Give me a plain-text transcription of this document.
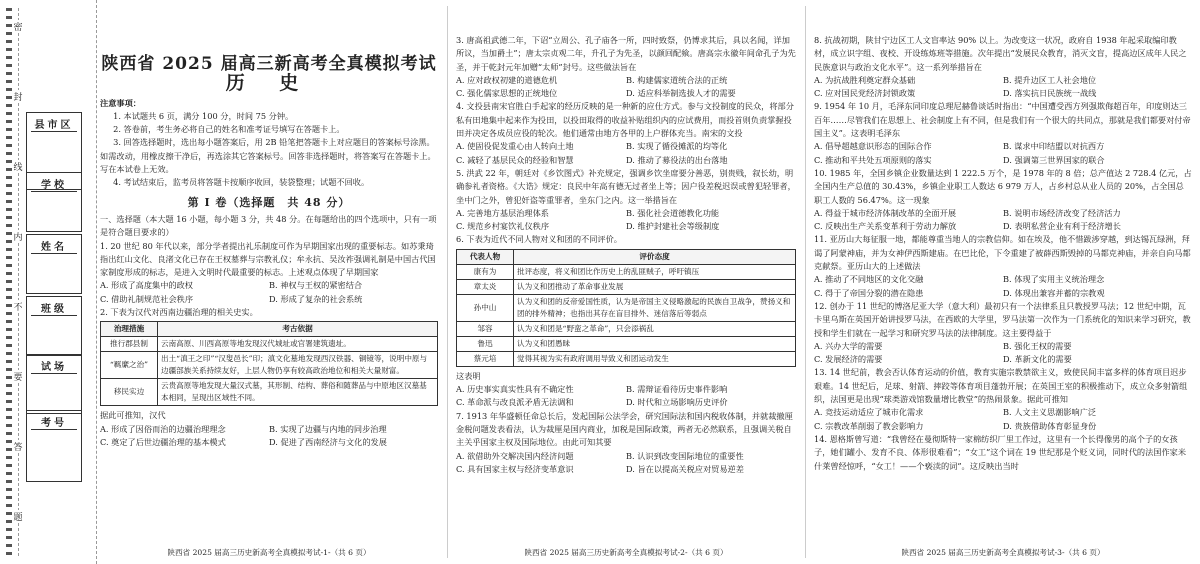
密
封
线
内
不
要
答
题
县市区
学校
姓名
班级
试场
考号
陕西省 2025 届高三新高考全真模拟考试
历 史

注意事项：

1. 本试题共 6 页，满分 100 分，时间 75 分钟。

2. 答卷前，考生务必将自己的姓名和准考证号填写在答题卡上。

3. 回答选择题时，选出每小题答案后，用 2B 铅笔把答题卡上对应题目的答案标号涂黑。如需改动，用橡皮擦干净后，再选涂其它答案标号。回答非选择题时，将答案写在答题卡上。写在本试卷上无效。

4. 考试结束后，监考员将答题卡按顺序收回，装袋整理；试题不回收。

第 Ⅰ 卷（选择题　共 48 分）

一、选择题（本大题 16 小题，每小题 3 分，共 48 分。在每题给出的四个选项中，只有一项是符合题目要求的）

1. 20 世纪 80 年代以来，部分学者提出礼乐制度可作为早期国家出现的重要标志。如苏秉琦指出红山文化、良渚文化已存在王权墓葬与宗教礼仪；牟永抗、吴汝祚强调礼制是中国古代国家制度形成的标志，是进入文明时代最重要的标志。上述观点体现了早期国家

A. 形成了高度集中的政权	B. 神权与王权的紧密结合
C. 借助礼制规范社会秩序	D. 形成了复杂的社会系统

2. 下表为汉代对西南边疆治理的相关史实。

治理措施	考古依据
推行郡县制	云南高原、川西高原等地发现汉代城址或官署建筑遗址。
“羁縻之治”	出土“滇王之印”“汉叟邑长”印；滇文化墓地发现西汉铁器、铜镜等，说明中原与边疆部族关系持续友好，上层人物仍享有较高政治地位和相关大量财富。
移民实边	云贵高原等地发现大量汉式墓，其形制、结构、葬俗和随葬品与中原地区汉墓基本相同，呈现出区域性不同。

据此可推知，汉代

A. 形成了因俗而治的边疆治理理念	B. 实现了边疆与内地的同步治理
C. 奠定了后世边疆治理的基本模式	D. 促进了西南经济与文化的发展
陕西省 2025 届高三历史新高考全真模拟考试-1-（共 6 页）

3. 唐高祖武德二年，下诏“立周公、孔子庙各一所，四时致祭，仍博求其后，具以名闻，详加所议，当加爵土”；唐太宗贞观二年，升孔子为先圣，以颜回配飨。唐高宗永徽年间命孔子为先圣，并于乾封元年加赠“太师”封号。这些做法旨在

A. 应对政权初建的道德危机	B. 构建儒家道统合法的正统
C. 强化儒家思想的正统地位	D. 适应科举制选拔人才的需要

4. 文投县南宋官胜白手起家的经历反映的是一种新的应仕方式。参与文投制度的民众，将部分私有田地集中起来作为投田，以投田取得的收益补贴组织内的应试费用，而投首则负责掌握投田并决定各成员应役的轮次。他们通常由地方各甲的上户群体充当。南宋的文投

A. 使固役促发重心由人转向土地	B. 实现了循役摊派的均等化
C. 减轻了基层民众的经验和智慧	D. 推动了募役法的出台落地

5. 洪武 22 年，朝廷对《乡饮图式》补充规定，强调乡饮坐席要分善恶，别贵贱，叙长幼，明确参礼者资格。《大诰》规定：良民中年高有德无过者坐上等；因户役差税迟误或曾犯轻罪者，坐中门之外，曾犯奸盗等重罪者，坐东门之内。这一举措旨在

A. 完善地方基层治理体系	B. 强化社会道德教化功能
C. 规范乡村宴饮礼仪秩序	D. 维护封建社会等级制度

6. 下表为近代不同人物对义和团的不同评价。

代表人物	评价态度
康有为	批评态度，将义和团比作历史上的乱匪贼子，呼吁镇压
章太炎	认为义和团推动了革命事业发展
孙中山	认为义和团的反帝爱国性质，认为是帝国主义侵略激起的民族自卫战争，赞扬义和团的排外精神；也指出其存在盲目排外、迷信落后等弱点
邹容	认为义和团是“野蛮之革命”，只会添祸乱
鲁迅	认为义和团愚昧
蔡元培	觉得其视为实有政府调用导致义和团运动发生

这表明

A. 历史事实真实性具有不确定性	B. 需辩证看待历史事件影响
C. 革命派与改良派矛盾无法调和	D. 时代和立场影响历史评价

7. 1913 年华盛顿任命总长后，发起国际公法学会，研究国际法和国内税收体制，并就裁撤厘金税问题发表看法，认为裁厘是国内商业，加税是国际政策，两者无必然联系，且强调关税自主关乎国家主权及国际地位。由此可知其要

A. 欲借助外交解决国内经济问题	B. 认识到改变国际地位的重要性
C. 具有国家主权与经济变革意识	D. 旨在以提高关税应对贸易逆差
陕西省 2025 届高三历史新高考全真模拟考试-2-（共 6 页）

8. 抗战初期，陕甘宁边区工人文盲率达 90% 以上。为改变这一状况，政府自 1938 年起采取编印教材，成立识字组、夜校、开设练炼班等措施。次年提出“发展民众教育，消灭文盲，提高边区成年人民之民族意识与政治文化水平”。这一系列举措旨在

A. 为抗战胜利奠定群众基础	B. 提升边区工人社会地位
C. 应对国民党经济封锁政策	D. 落实抗日民族统一战线

9. 1954 年 10 月，毛泽东同印度总理尼赫鲁谈话时指出：“中国遭受西方列强欺侮超百年，印度则达三百年……尽管我们在思想上、社会制度上有不同，但是我们有一个很大的共同点，那就是我们都要对付帝国主义”。这表明毛泽东

A. 倡导超越意识形态的国际合作	B. 谋求中印结盟以对抗西方
C. 推动和平共处五项原则的落实	D. 强调第三世界国家的联合

10. 1985 年，全国乡镇企业数量达到 1 222.5 万个，是 1978 年的 8 倍；总产值达 2 728.4 亿元，占全国内生产总值的 30.43%，乡镇企业职工人数达 6 979 万人，占乡村总从业人员的 20%，占全国总职工人数的 56.47%。这一现象

A. 得益于城市经济体制改革的全面开展	B. 说明市场经济改变了经济活力
C. 反映出生产关系变革利于劳动力解放	D. 表明私营企业有利于经济增长

11. 亚历山大每征服一地，都能尊重当地人的宗教信仰。如在埃及，他不惜跋涉穿越，到达锡瓦绿洲，拜谒了阿蒙神庙，并为女神伊西斯建庙。在巴比伦，下令重建了被薛西斯毁掉的马都克神庙，并亲自向马都克献祭。亚历山大的上述做法

A. 推动了不同地区的文化交融	B. 体现了实用主义统治理念
C. 得于了帝国分裂的潜在隐患	D. 体现出兼容并蓄的宗教观

12. 创办于 11 世纪的博洛尼亚大学（意大利）最初只有一个法律系且只教授罗马法；12 世纪中期，瓦卡里乌斯在英国开始讲授罗马法，在西欧的大学里，罗马法第一次作为一门系统化的知识来学习研究，教授和学生们就在一起学习和研究罗马法的法律制度。这主要得益于

A. 兴办大学的需要	B. 强化王权的需要
C. 发展经济的需要	D. 革新文化的需要

13. 14 世纪前，教会否认体育运动的价值，教育实施宗教禁欲主义，致使民间丰富多样的体育项目迟步艰难。14 世纪后，足球、射箭、摔跤等体育项目蓬勃开展；在英国王室的积极推动下，成立众多射箭组织，法国更是出现“球类游戏馆数量增比教堂”的热闹景象。据此可推知

A. 竞技运动适应了城市化需求	B. 人文主义思潮影响广泛
C. 宗教改革削弱了教会影响力	D. 贵族借助体育彰显身份

14. 恩格斯曾写道：“我曾经在曼彻斯特一家棉纺织厂里工作过，这里有一个长得像男的高个子的女孩子，她们罐小、发育不良、体形很难看”；“女工”这个词在 19 世纪那是个贬义词，同时代的法国作家米什莱曾经惊呼，“女工！——个亵渎的词”。这反映出当时

陕西省 2025 届高三历史新高考全真模拟考试-3-（共 6 页）
